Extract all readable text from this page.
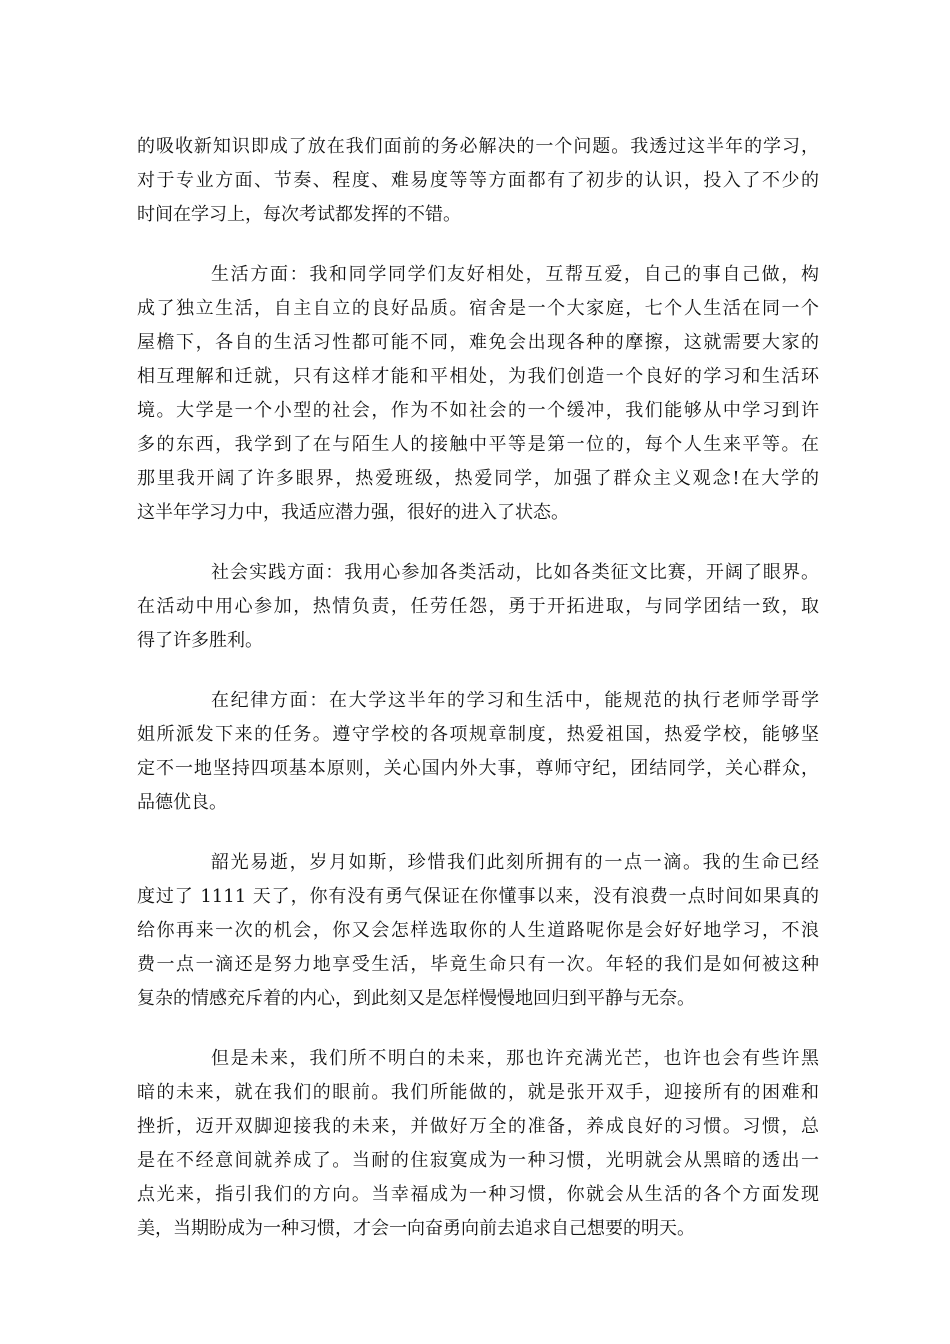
的吸收新知识即成了放在我们面前的务必解决的一个问题。我透过这半年的学习，
对于专业方面、节奏、程度、难易度等等方面都有了初步的认识，投入了不少的
时间在学习上，每次考试都发挥的不错。
生活方面：我和同学同学们友好相处，互帮互爱，自己的事自己做，构
成了独立生活，自主自立的良好品质。宿舍是一个大家庭，七个人生活在同一个
屋檐下，各自的生活习性都可能不同，难免会出现各种的摩擦，这就需要大家的
相互理解和迁就，只有这样才能和平相处，为我们创造一个良好的学习和生活环
境。大学是一个小型的社会，作为不如社会的一个缓冲，我们能够从中学习到许
多的东西，我学到了在与陌生人的接触中平等是第一位的，每个人生来平等。在
那里我开阔了许多眼界，热爱班级，热爱同学，加强了群众主义观念!在大学的
这半年学习力中，我适应潜力强，很好的进入了状态。
社会实践方面：我用心参加各类活动，比如各类征文比赛，开阔了眼界。
在活动中用心参加，热情负责，任劳任怨，勇于开拓进取，与同学团结一致，取
得了许多胜利。
在纪律方面：在大学这半年的学习和生活中，能规范的执行老师学哥学
姐所派发下来的任务。遵守学校的各项规章制度，热爱祖国，热爱学校，能够坚
定不一地坚持四项基本原则，关心国内外大事，尊师守纪，团结同学，关心群众，
品德优良。
韶光易逝，岁月如斯，珍惜我们此刻所拥有的一点一滴。我的生命已经
度过了 1111 天了，你有没有勇气保证在你懂事以来，没有浪费一点时间如果真的
给你再来一次的机会，你又会怎样选取你的人生道路呢你是会好好地学习，不浪
费一点一滴还是努力地享受生活，毕竟生命只有一次。年轻的我们是如何被这种
复杂的情感充斥着的内心，到此刻又是怎样慢慢地回归到平静与无奈。
但是未来，我们所不明白的未来，那也许充满光芒，也许也会有些许黑
暗的未来，就在我们的眼前。我们所能做的，就是张开双手，迎接所有的困难和
挫折，迈开双脚迎接我的未来，并做好万全的准备，养成良好的习惯。习惯，总
是在不经意间就养成了。当耐的住寂寞成为一种习惯，光明就会从黑暗的透出一
点光来，指引我们的方向。当幸福成为一种习惯，你就会从生活的各个方面发现
美，当期盼成为一种习惯，才会一向奋勇向前去追求自己想要的明天。
